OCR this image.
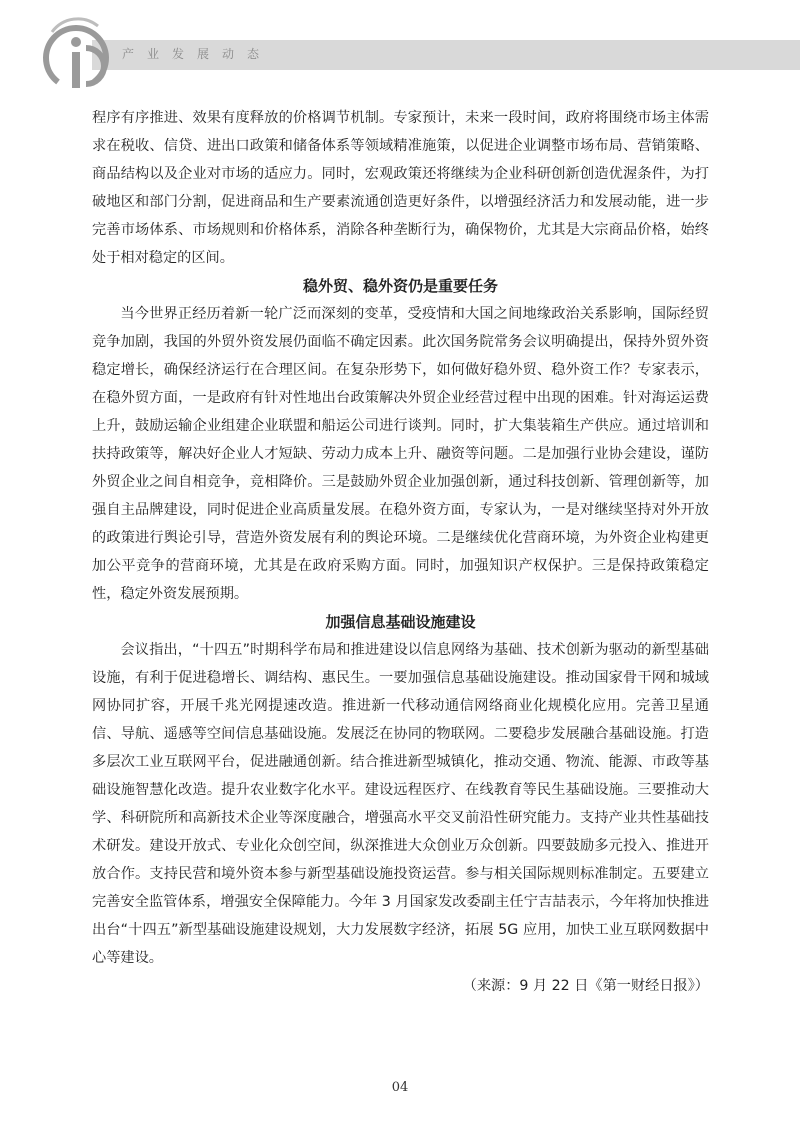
产业发展动态

程序有序推进、效果有度释放的价格调节机制。专家预计，未来一段时间，政府将围绕市场主体需求在税收、信贷、进出口政策和储备体系等领域精准施策，以促进企业调整市场布局、营销策略、商品结构以及企业对市场的适应力。同时，宏观政策还将继续为企业科研创新创造优渥条件，为打破地区和部门分割，促进商品和生产要素流通创造更好条件，以增强经济活力和发展动能，进一步完善市场体系、市场规则和价格体系，消除各种垄断行为，确保物价，尤其是大宗商品价格，始终处于相对稳定的区间。

稳外贸、稳外资仍是重要任务

当今世界正经历着新一轮广泛而深刻的变革，受疫情和大国之间地缘政治关系影响，国际经贸竞争加剧，我国的外贸外资发展仍面临不确定因素。此次国务院常务会议明确提出，保持外贸外资稳定增长，确保经济运行在合理区间。在复杂形势下，如何做好稳外贸、稳外资工作？专家表示，在稳外贸方面，一是政府有针对性地出台政策解决外贸企业经营过程中出现的困难。针对海运运费上升，鼓励运输企业组建企业联盟和船运公司进行谈判。同时，扩大集装箱生产供应。通过培训和扶持政策等，解决好企业人才短缺、劳动力成本上升、融资等问题。二是加强行业协会建设，谨防外贸企业之间自相竞争，竞相降价。三是鼓励外贸企业加强创新，通过科技创新、管理创新等，加强自主品牌建设，同时促进企业高质量发展。在稳外资方面，专家认为，一是对继续坚持对外开放的政策进行舆论引导，营造外资发展有利的舆论环境。二是继续优化营商环境，为外资企业构建更加公平竞争的营商环境，尤其是在政府采购方面。同时，加强知识产权保护。三是保持政策稳定性，稳定外资发展预期。

加强信息基础设施建设

会议指出，“十四五”时期科学布局和推进建设以信息网络为基础、技术创新为驱动的新型基础设施，有利于促进稳增长、调结构、惠民生。一要加强信息基础设施建设。推动国家骨干网和城域网协同扩容，开展千兆光网提速改造。推进新一代移动通信网络商业化规模化应用。完善卫星通信、导航、遥感等空间信息基础设施。发展泛在协同的物联网。二要稳步发展融合基础设施。打造多层次工业互联网平台，促进融通创新。结合推进新型城镇化，推动交通、物流、能源、市政等基础设施智慧化改造。提升农业数字化水平。建设远程医疗、在线教育等民生基础设施。三要推动大学、科研院所和高新技术企业等深度融合，增强高水平交叉前沿性研究能力。支持产业共性基础技术研发。建设开放式、专业化众创空间，纵深推进大众创业万众创新。四要鼓励多元投入、推进开放合作。支持民营和境外资本参与新型基础设施投资运营。参与相关国际规则标准制定。五要建立完善安全监管体系，增强安全保障能力。今年 3 月国家发改委副主任宁吉喆表示，今年将加快推进出台“十四五”新型基础设施建设规划，大力发展数字经济，拓展 5G 应用，加快工业互联网数据中心等建设。

（来源：9 月 22 日《第一财经日报》）

04
